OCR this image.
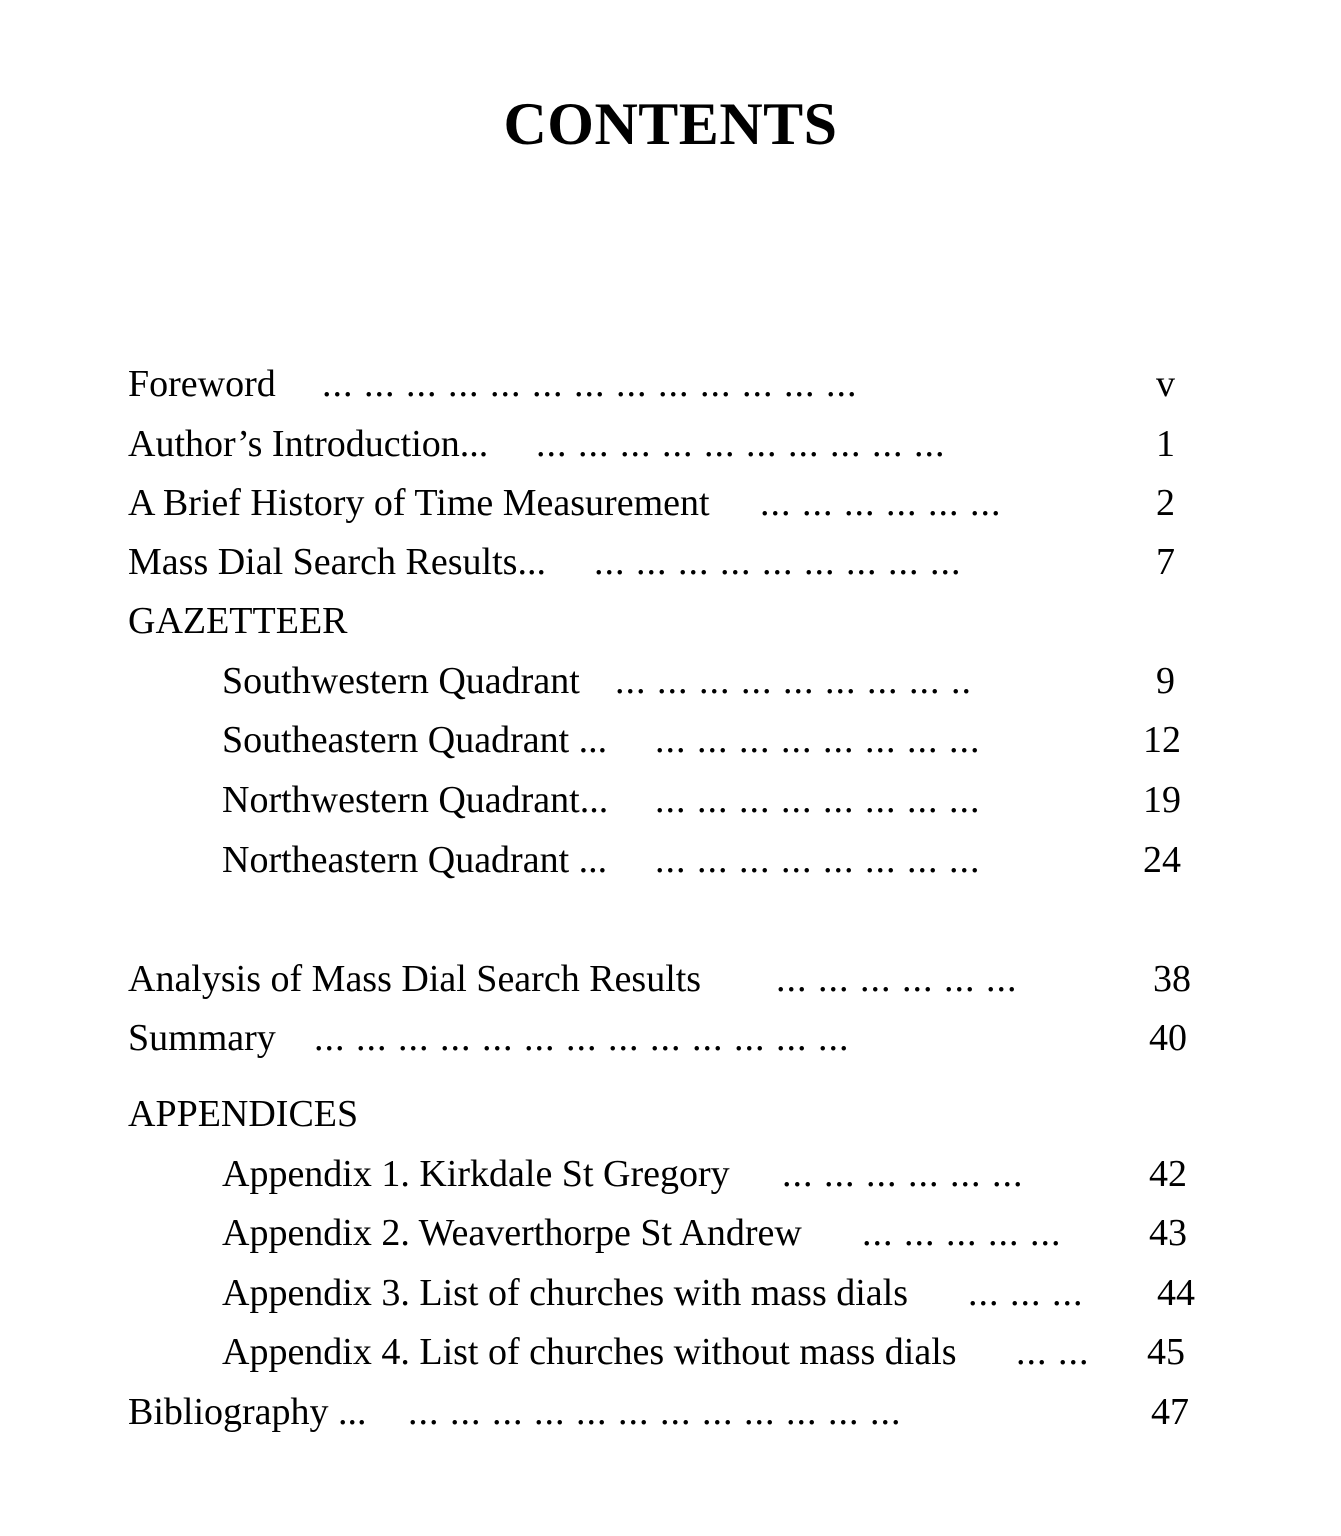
CONTENTS
Foreword ... ... ... ... ... ... ... ... ... ... ... ... ...	v
Author’s Introduction... ... ... ... ... ... ... ... ... ... ...	1
A Brief History of Time Measurement ... ... ... ... ... ...	2
Mass Dial Search Results... ... ... ... ... ... ... ... ... ...	7
GAZETTEER
Southwestern Quadrant ... ... ... ... ... ... ... ... ..	9
Southeastern Quadrant ... ... ... ... ... ... ... ... ...	12
Northwestern Quadrant... ... ... ... ... ... ... ... ...	19
Northeastern Quadrant ... ... ... ... ... ... ... ... ...	24
Analysis of Mass Dial Search Results ... ... ... ... ... ...	38
Summary ... ... ... ... ... ... ... ... ... ... ... ... ...	40
APPENDICES
Appendix 1. Kirkdale St Gregory ... ... ... ... ... ...	42
Appendix 2. Weaverthorpe St Andrew ... ... ... ... ... 43
Appendix 3. List of churches with mass dials ... ... ... 44
Appendix 4. List of churches without mass dials ... ... 45
Bibliography ... ... ... ... ... ... ... ... ... ... ... ... ...	47
